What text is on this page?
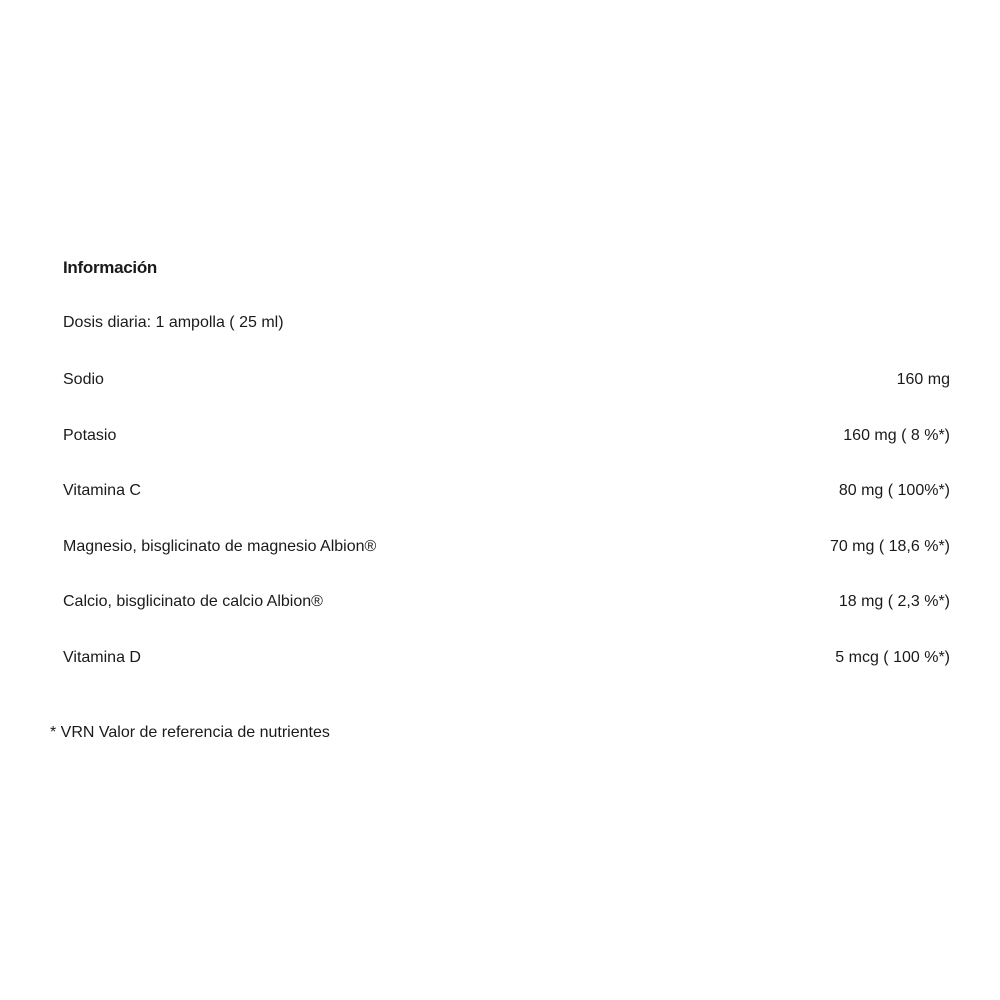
Información
Dosis diaria: 1 ampolla ( 25 ml)
Sodio	160 mg
Potasio	160 mg ( 8 %*)
Vitamina C	80 mg ( 100%*)
Magnesio, bisglicinato de magnesio Albion®	70 mg ( 18,6 %*)
Calcio, bisglicinato de calcio Albion®	18 mg ( 2,3 %*)
Vitamina D	5 mcg ( 100 %*)
* VRN Valor de referencia de nutrientes
